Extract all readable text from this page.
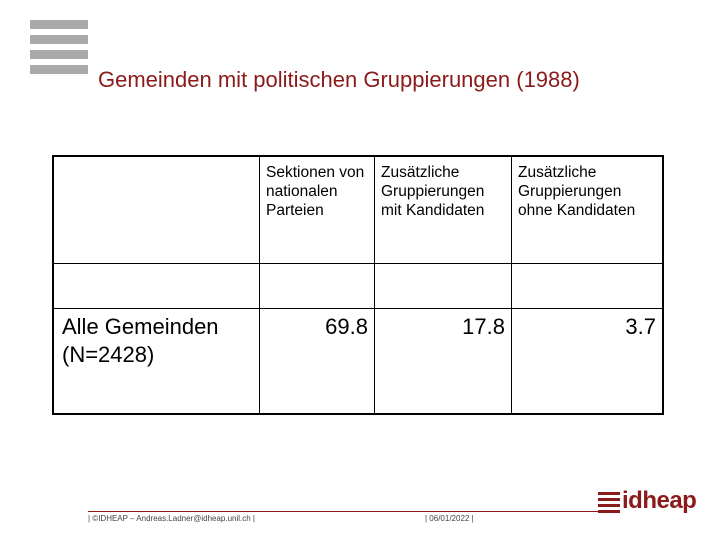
Gemeinden mit politischen Gruppierungen (1988)

	Sektionen von nationalen Parteien	Zusätzliche Gruppierungen mit Kandidaten	Zusätzliche Gruppierungen ohne Kandidaten

Alle Gemeinden (N=2428)	69.8	17.8	3.7
| ©IDHEAP – Andreas.Ladner@idheap.unil.ch |	| 06/01/2022 |
idheap
